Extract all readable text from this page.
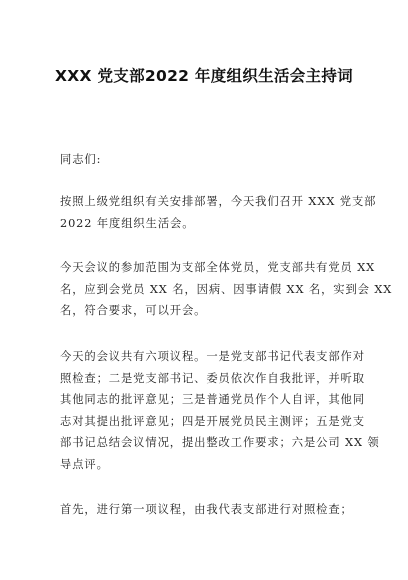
XXX 党支部2022 年度组织生活会主持词

同志们:

按照上级党组织有关安排部署，今天我们召开 XXX 党支部
2022 年度组织生活会。

今天会议的参加范围为支部全体党员，党支部共有党员 XX
名，应到会党员 XX 名，因病、因事请假 XX 名，实到会 XX
名，符合要求，可以开会。

今天的会议共有六项议程。一是党支部书记代表支部作对
照检查；二是党支部书记、委员依次作自我批评，并听取
其他同志的批评意见；三是普通党员作个人自评，其他同
志对其提出批评意见；四是开展党员民主测评；五是党支
部书记总结会议情况，提出整改工作要求；六是公司 XX 领
导点评。

首先，进行第一项议程，由我代表支部进行对照检查；
